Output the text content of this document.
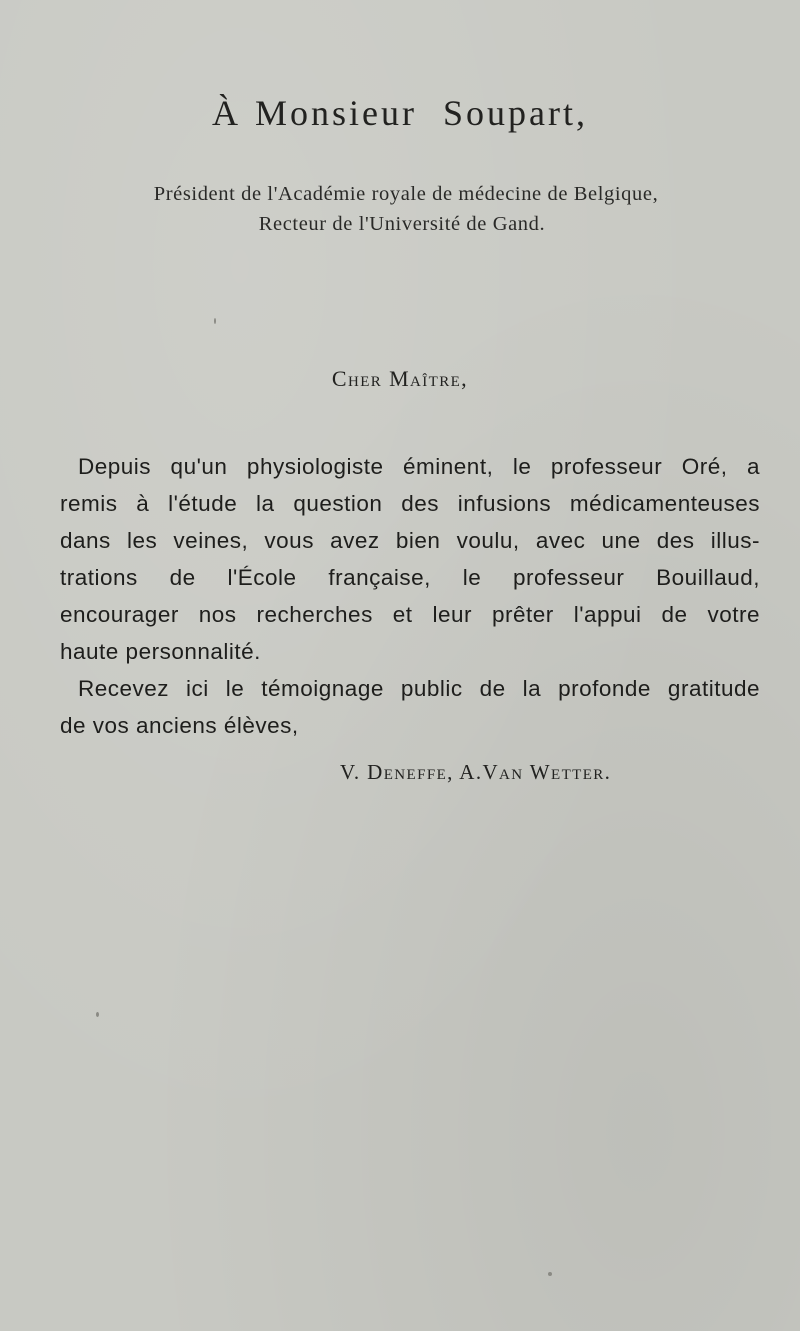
À Monsieur Soupart,
Président de l'Académie royale de médecine de Belgique,
Recteur de l'Université de Gand.
Cher Maître,
Depuis qu'un physiologiste éminent, le professeur Oré, a
remis à l'étude la question des infusions médicamenteuses
dans les veines, vous avez bien voulu, avec une des illus-
trations de l'École française, le professeur Bouillaud,
encourager nos recherches et leur prêter l'appui de votre
haute personnalité.
Recevez ici le témoignage public de la profonde gratitude
de vos anciens élèves,
V. Deneffe, A.Van Wetter.
